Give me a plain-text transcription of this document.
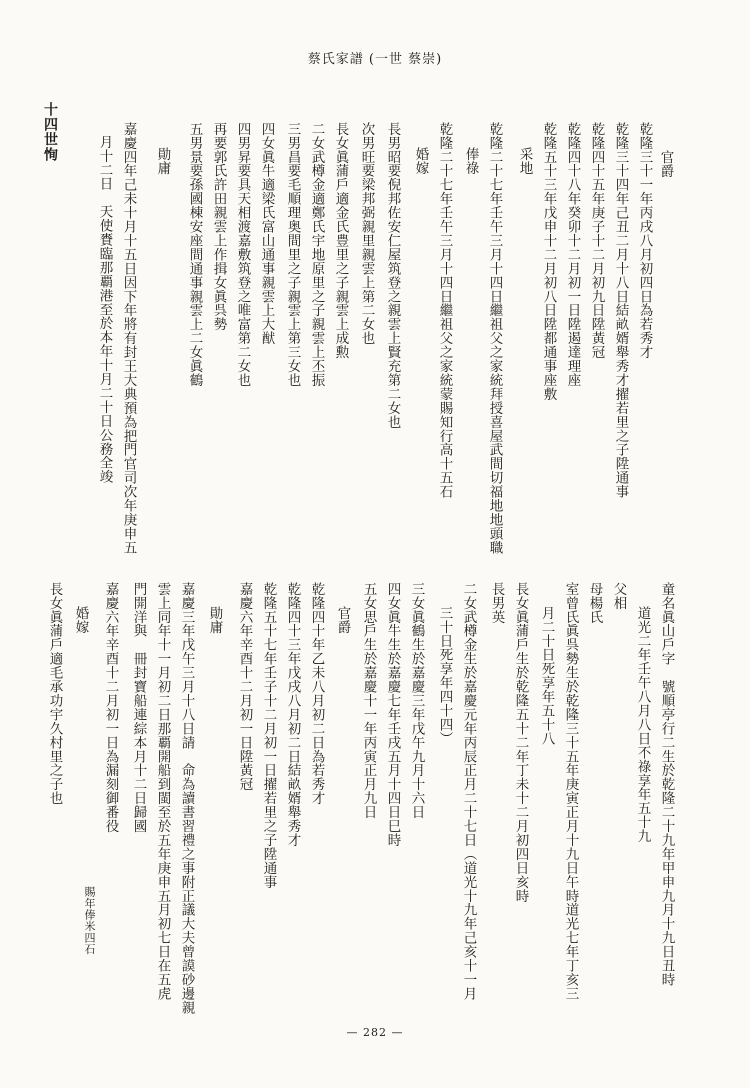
蔡氏家譜 (一世 蔡崇)
十四世恂
官爵
乾隆三十一年丙戌八月初四日為若秀才
乾隆三十四年己丑二月十八日結畝婿舉秀才擢若里之子陞通事
乾隆四十五年庚子十二月初九日陞黃冠
乾隆四十八年癸卯十二月初一日陞遏達理座
乾隆五十三年戊申十二月初八日陞都通事座敷
采地
乾隆二十七年壬午三月十四日繼祖父之家統拜授喜屋武間切福地地頭職
俸祿
乾隆二十七年壬午三月十四日繼祖父之家統蒙賜知行高十五石
婚嫁
長男昭要倪邦佐安仁屋筑登之親雲上賢充第二女也
次男旺要梁邦弼親里親雲上第二女也
長女眞蒲戶適金氏豊里之子親雲上成勲
二女武樽金適鄭氏宇地原里之子親雲上丕振
三男昌要毛順理奥間里之子親雲上第三女也
四女眞牛適梁氏富山通事親雲上大猷
四男昇要具天相渡嘉敷筑登之唯富第二女也
再要郭氏許田親雲上作揖女眞呉勢
五男景要孫國棟安座間通事親雲上二女眞鶴
勛庸
嘉慶四年己未十月十五日因下年將有封王大典預為把門官司次年庚申五
月十二日　天使賚臨那覇港至於本年十月二十日公務全竣
童名眞山戶字　號順亭行二生於乾隆二十九年甲申九月十九日丑時
道光二年壬午八月八日不祿享年五十九
父相
母楊氏
室曾氏眞呉勢生於乾隆三十五年庚寅正月十九日午時道光七年丁亥三
月二十日死享年五十八
長女眞蒲戶生於乾隆五十二年丁未十二月初四日亥時
長男英
二女武樽金生於嘉慶元年丙辰正月二十七日（道光十九年己亥十一月
三十日死享年四十四）
三女眞鶴生於嘉慶三年戊午九月十六日
四女眞牛生於嘉慶七年壬戌五月十四日巳時
五女思戶生於嘉慶十一年丙寅正月九日
官爵
乾隆四十年乙未八月初二日為若秀才
乾隆四十三年戊戌八月初二日結畝婿舉秀才
乾隆五十七年壬子十二月初一日擢若里之子陞通事
嘉慶六年辛酉十二月初一日陞黃冠
勛庸
嘉慶三年戊午三月十八日請　命為讀書習禮之事附正議大夫曾謨砂邊親
雲上同年十一月初二日那覇開船到閩至於五年庚申五月初七日在五虎
門開洋與　冊封寶船連綜本月十二日歸國
嘉慶六年辛酉十二月初一日為漏刻御番役
賜年俸米四石
婚嫁
長女眞蒲戶適毛承功宇久村里之子也
— 282 —
